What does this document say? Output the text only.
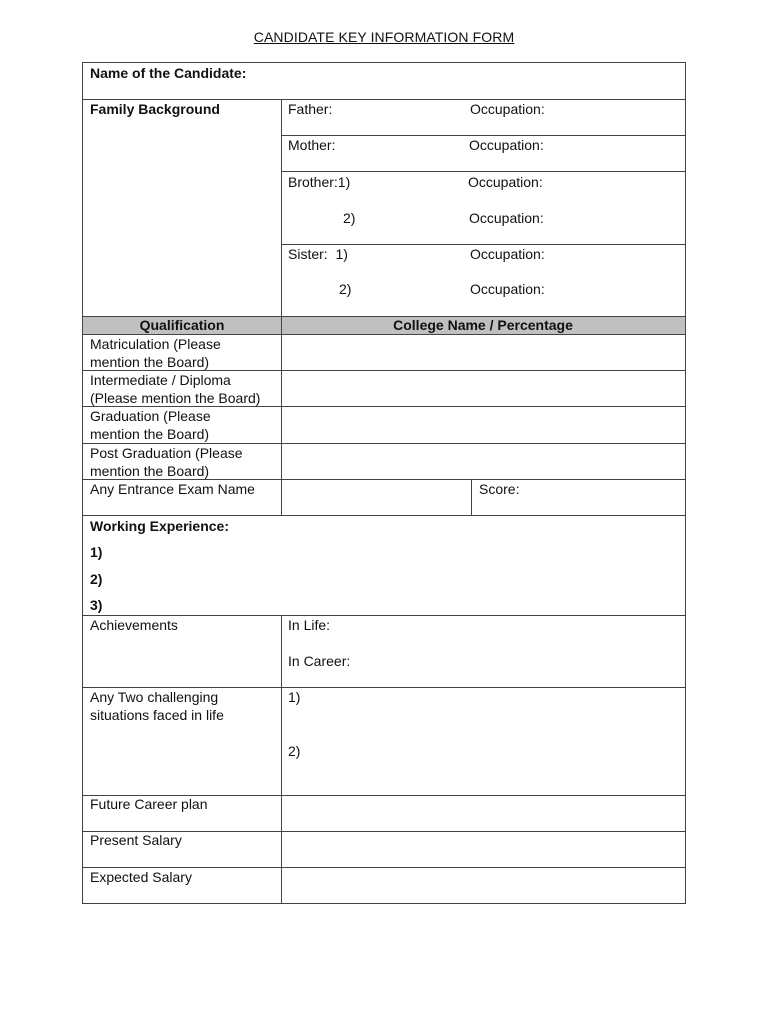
CANDIDATE KEY INFORMATION FORM
Name of the Candidate:
Family Background	Father:	Occupation:
Mother:	Occupation:
Brother:1)	Occupation:
2)	Occupation:
Sister:  1)	Occupation:
2)	Occupation:
Qualification	College Name / Percentage
Matriculation (Please
mention the Board)
Intermediate / Diploma
(Please mention the Board)
Graduation (Please
mention the Board)
Post Graduation (Please
mention the Board)
Any Entrance Exam Name	Score:
Working Experience:
1)
2)
3)
Achievements	In Life:
In Career:
Any Two challenging
situations faced in life
1)
2)
Future Career plan
Present Salary
Expected Salary
